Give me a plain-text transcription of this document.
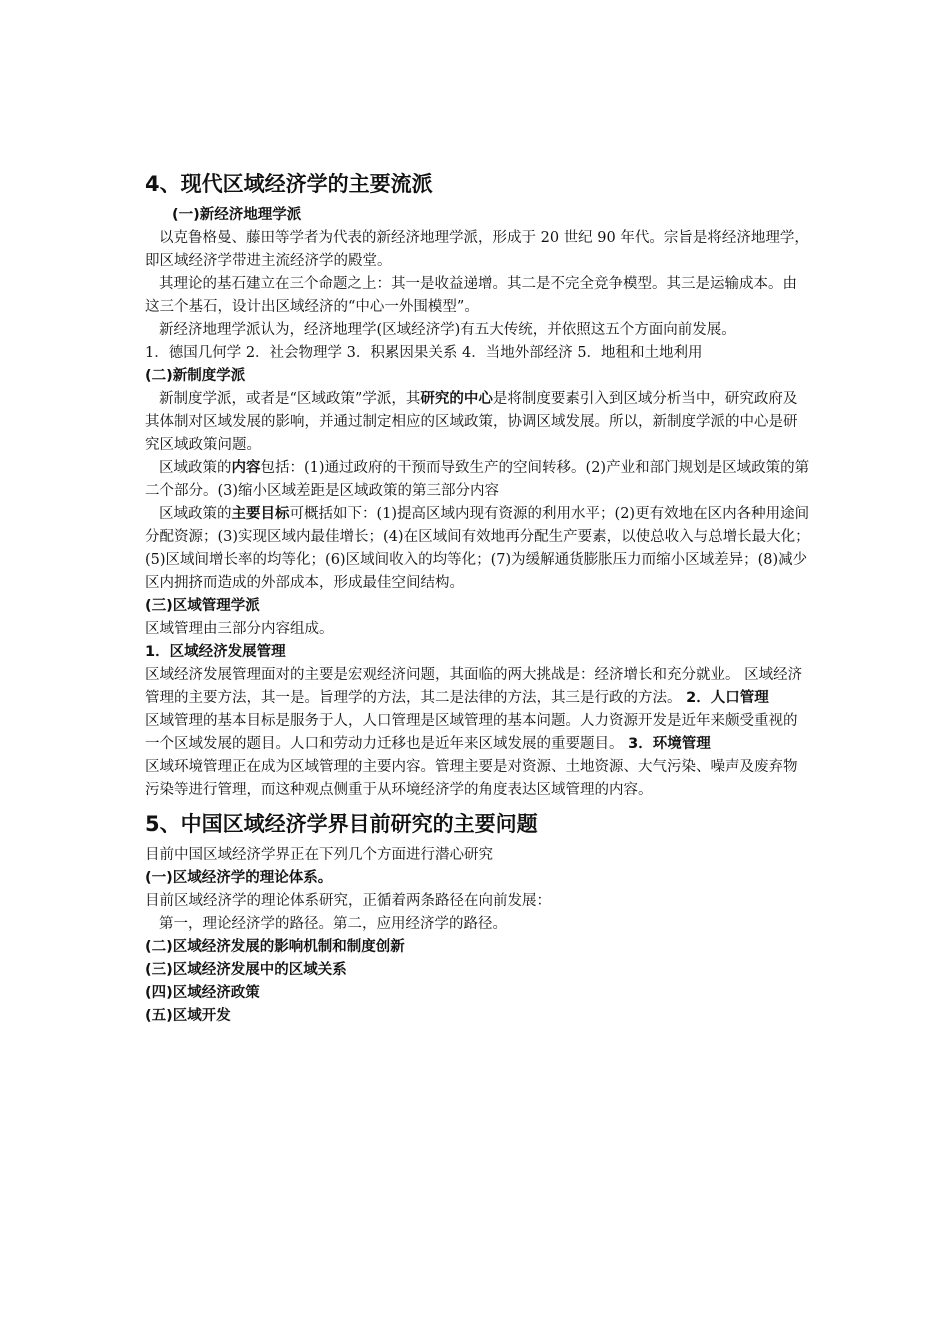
4、现代区域经济学的主要流派
(一)新经济地理学派

以克鲁格曼、藤田等学者为代表的新经济地理学派，形成于 20 世纪 90 年代。宗旨是将经济地理学，即区域经济学带进主流经济学的殿堂。

其理论的基石建立在三个命题之上：其一是收益递增。其二是不完全竞争模型。其三是运输成本。由这三个基石，设计出区域经济的“中心一外围模型”。

新经济地理学派认为，经济地理学(区域经济学)有五大传统，并依照这五个方面向前发展。

1．德国几何学 2．社会物理学 3．积累因果关系 4．当地外部经济 5．地租和土地利用

(二)新制度学派

新制度学派，或者是“区域政策”学派，其研究的中心是将制度要素引入到区域分析当中，研究政府及其体制对区域发展的影响，并通过制定相应的区域政策，协调区域发展。所以，新制度学派的中心是研究区域政策问题。

区域政策的内容包括：(1)通过政府的干预而导致生产的空间转移。(2)产业和部门规划是区域政策的第二个部分。(3)缩小区域差距是区域政策的第三部分内容

区域政策的主要目标可概括如下：(1)提高区域内现有资源的利用水平；(2)更有效地在区内各种用途间分配资源；(3)实现区域内最佳增长；(4)在区域间有效地再分配生产要素，以使总收入与总增长最大化；(5)区域间增长率的均等化；(6)区域间收入的均等化；(7)为缓解通货膨胀压力而缩小区域差异；(8)减少区内拥挤而造成的外部成本，形成最佳空间结构。

(三)区域管理学派

区域管理由三部分内容组成。

1．区域经济发展管理

区域经济发展管理面对的主要是宏观经济问题，其面临的两大挑战是：经济增长和充分就业。 区域经济管理的主要方法，其一是。旨理学的方法，其二是法律的方法，其三是行政的方法。 2．人口管理

区域管理的基本目标是服务于人，人口管理是区域管理的基本问题。人力资源开发是近年来颇受重视的一个区域发展的题目。人口和劳动力迁移也是近年来区域发展的重要题目。 3．环境管理

区域环境管理正在成为区域管理的主要内容。管理主要是对资源、土地资源、大气污染、噪声及废弃物污染等进行管理，而这种观点侧重于从环境经济学的角度表达区域管理的内容。

5、中国区域经济学界目前研究的主要问题

目前中国区域经济学界正在下列几个方面进行潜心研究

(一)区域经济学的理论体系。

目前区域经济学的理论体系研究，正循着两条路径在向前发展：

第一，理论经济学的路径。第二，应用经济学的路径。

(二)区域经济发展的影响机制和制度创新
(三)区域经济发展中的区域关系
(四)区域经济政策
(五)区域开发
